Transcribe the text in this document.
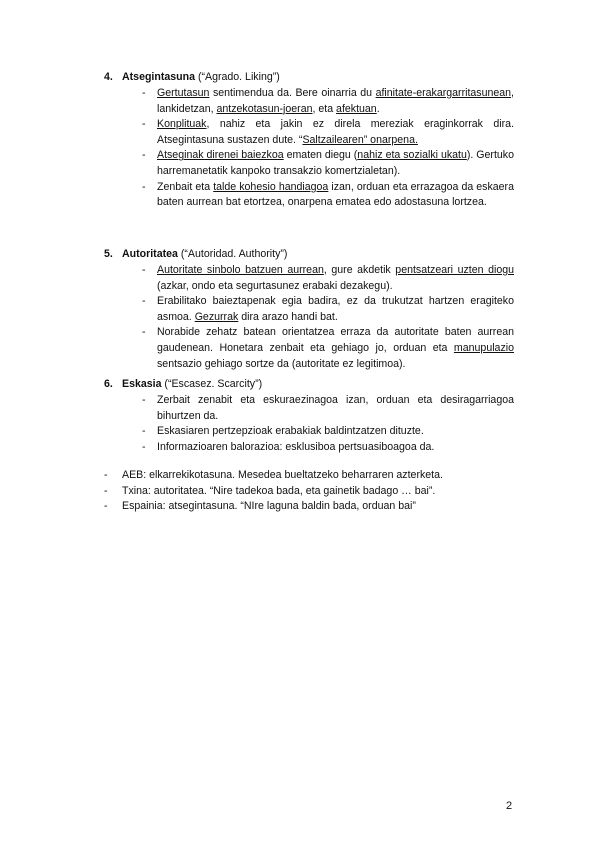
4. Atsegintasuna (“Agrado. Liking”)
- Gertutasun sentimendua da. Bere oinarria du afinitate-erakargarritasunean, lankidetzan, antzekotasun-joeran, eta afektuan.
- Konplituak, nahiz eta jakin ez direla mereziak eraginkorrak dira. Atsegintasuna sustazen dute. “Saltzailearen” onarpena.
- Atseginak direnei baiezkoa ematen diegu (nahiz eta sozialki ukatu). Gertuko harremanetatik kanpoko transakzio komertzialetan).
- Zenbait eta talde kohesio handiagoa izan, orduan eta errazagoa da eskaera baten aurrean bat etortzea, onarpena ematea edo adostasuna lortzea.
5. Autoritatea (“Autoridad. Authority”)
- Autoritate sinbolo batzuen aurrean, gure akdetik pentsatzeari uzten diogu (azkar, ondo eta segurtasunez erabaki dezakegu).
- Erabilitako baieztapenak egia badira, ez da trukutzat hartzen eragiteko asmoa. Gezurrak dira arazo handi bat.
- Norabide zehatz batean orientatzea erraza da autoritate baten aurrean gaudenean. Honetara zenbait eta gehiago jo, orduan eta manupulazio sentsazio gehiago sortze da (autoritate ez legitimoa).
6. Eskasia (“Escasez. Scarcity”)
- Zerbait zenabit eta eskuraezinagoa izan, orduan eta desiragarriagoa bihurtzen da.
- Eskasiaren pertzepzioak erabakiak baldintzatzen dituzte.
- Informazioaren balorazioa: esklusiboa pertsuasiboagoa da.
- AEB: elkarrekikotasuna. Mesedea bueltatzeko beharraren azterketa.
- Txina: autoritatea. “Nire tadekoa bada, eta gainetik badago … bai”.
- Espainia: atsegintasuna. “NIre laguna baldin bada, orduan bai”
2
